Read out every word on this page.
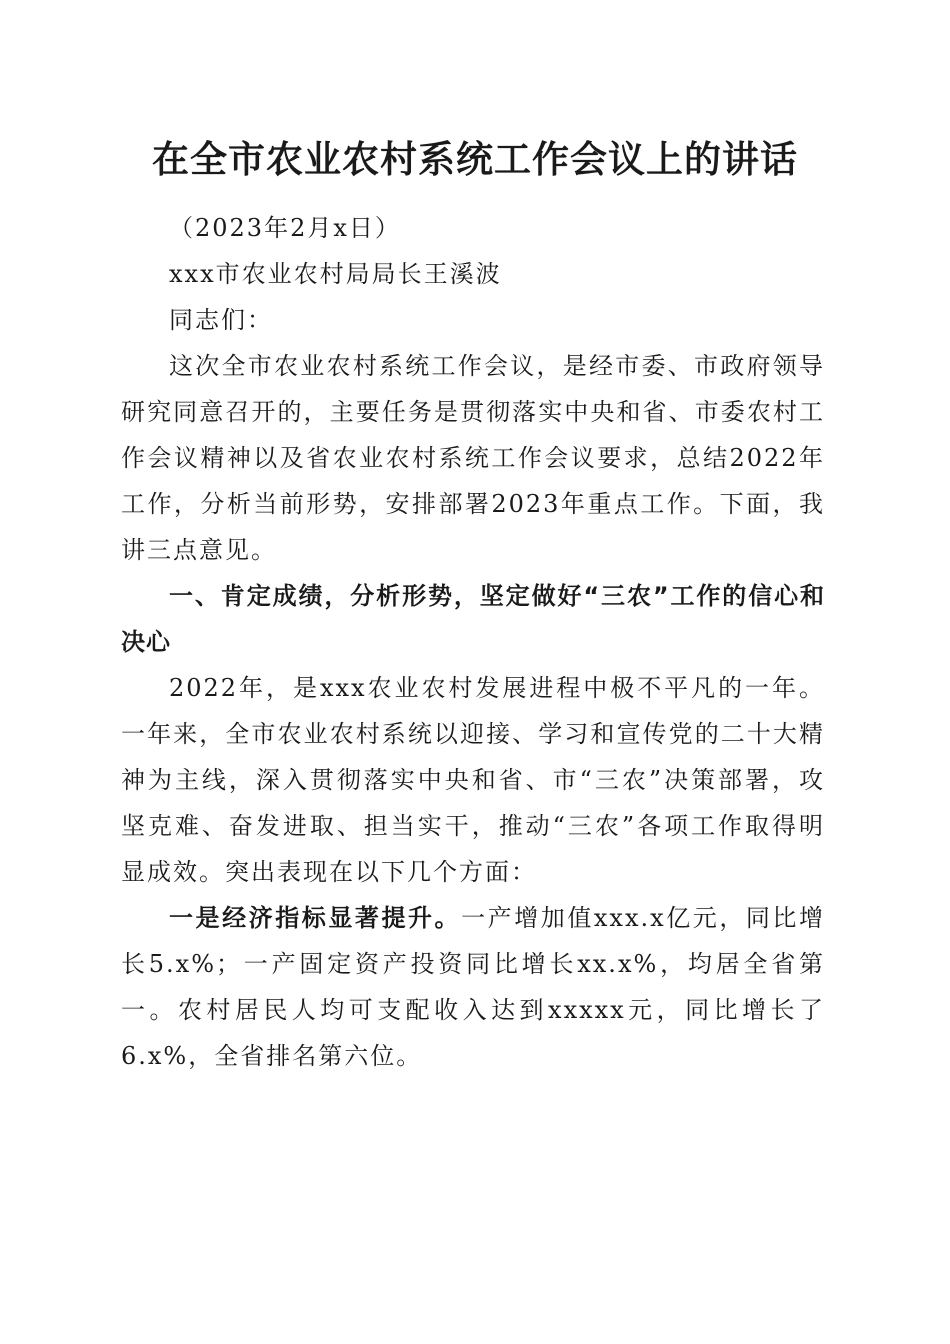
在全市农业农村系统工作会议上的讲话

（2023年2月x日）

xxx市农业农村局局长王溪波

同志们：

这次全市农业农村系统工作会议，是经市委、市政府领导研究同意召开的，主要任务是贯彻落实中央和省、市委农村工作会议精神以及省农业农村系统工作会议要求，总结2022年工作，分析当前形势，安排部署2023年重点工作。下面，我讲三点意见。

一、肯定成绩，分析形势，坚定做好“三农”工作的信心和决心

2022年，是xxx农业农村发展进程中极不平凡的一年。一年来，全市农业农村系统以迎接、学习和宣传党的二十大精神为主线，深入贯彻落实中央和省、市“三农”决策部署，攻坚克难、奋发进取、担当实干，推动“三农”各项工作取得明显成效。突出表现在以下几个方面：

一是经济指标显著提升。一产增加值xxx.x亿元，同比增长5.x%；一产固定资产投资同比增长xx.x%，均居全省第一。农村居民人均可支配收入达到xxxxx元，同比增长了6.x%，全省排名第六位。
